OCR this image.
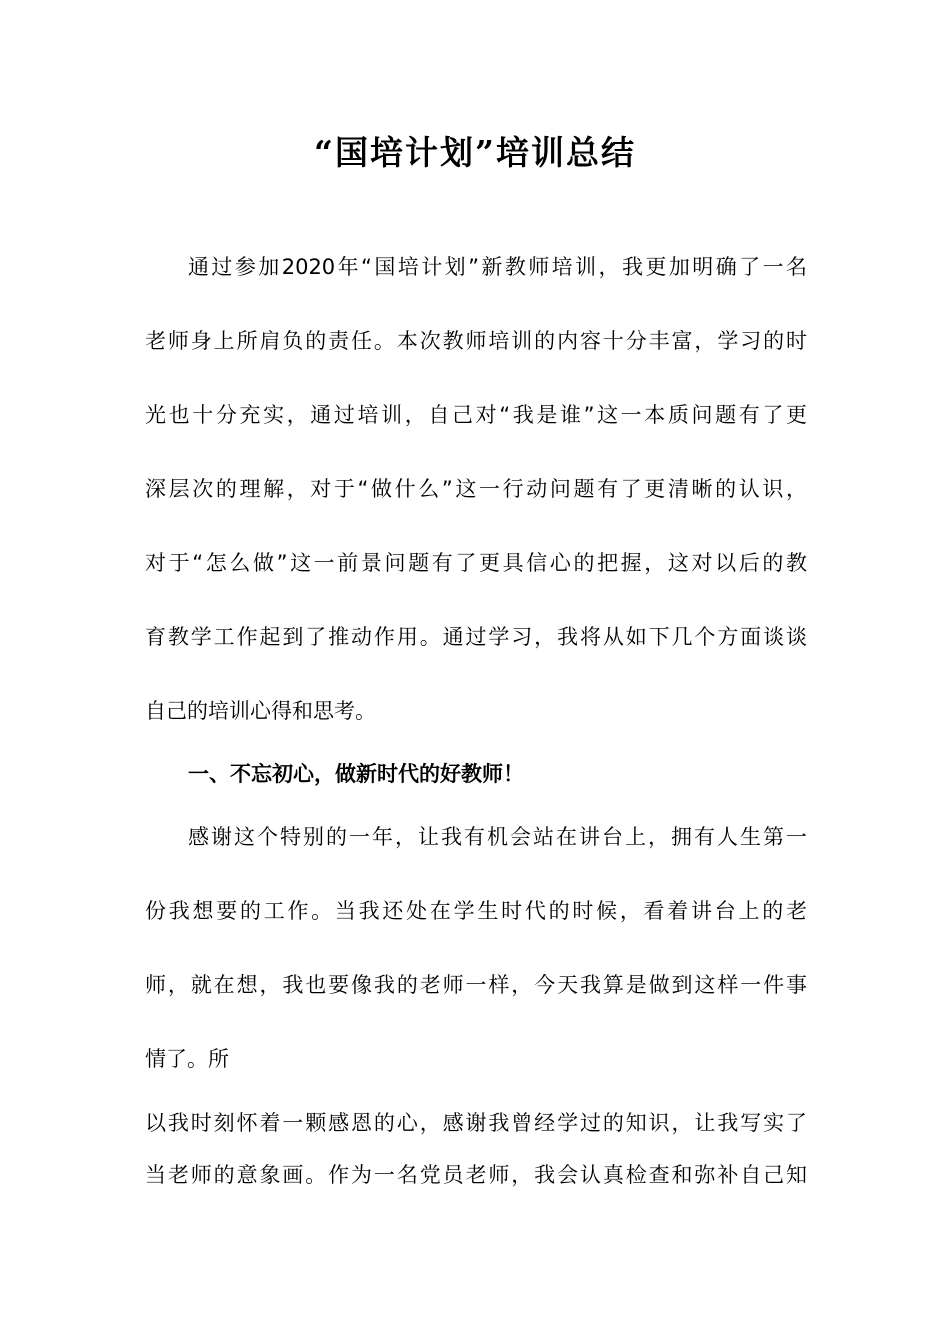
“国培计划”培训总结
通过参加2020年“国培计划”新教师培训，我更加明确了一名
老师身上所肩负的责任。本次教师培训的内容十分丰富，学习的时
光也十分充实，通过培训，自己对“我是谁”这一本质问题有了更
深层次的理解，对于“做什么”这一行动问题有了更清晰的认识，
对于“怎么做”这一前景问题有了更具信心的把握，这对以后的教
育教学工作起到了推动作用。通过学习，我将从如下几个方面谈谈
自己的培训心得和思考。
一、不忘初心，做新时代的好教师！
感谢这个特别的一年，让我有机会站在讲台上，拥有人生第一
份我想要的工作。当我还处在学生时代的时候，看着讲台上的老
师，就在想，我也要像我的老师一样，今天我算是做到这样一件事
情了。所
以我时刻怀着一颗感恩的心，感谢我曾经学过的知识，让我写实了
当老师的意象画。作为一名党员老师，我会认真检查和弥补自己知
